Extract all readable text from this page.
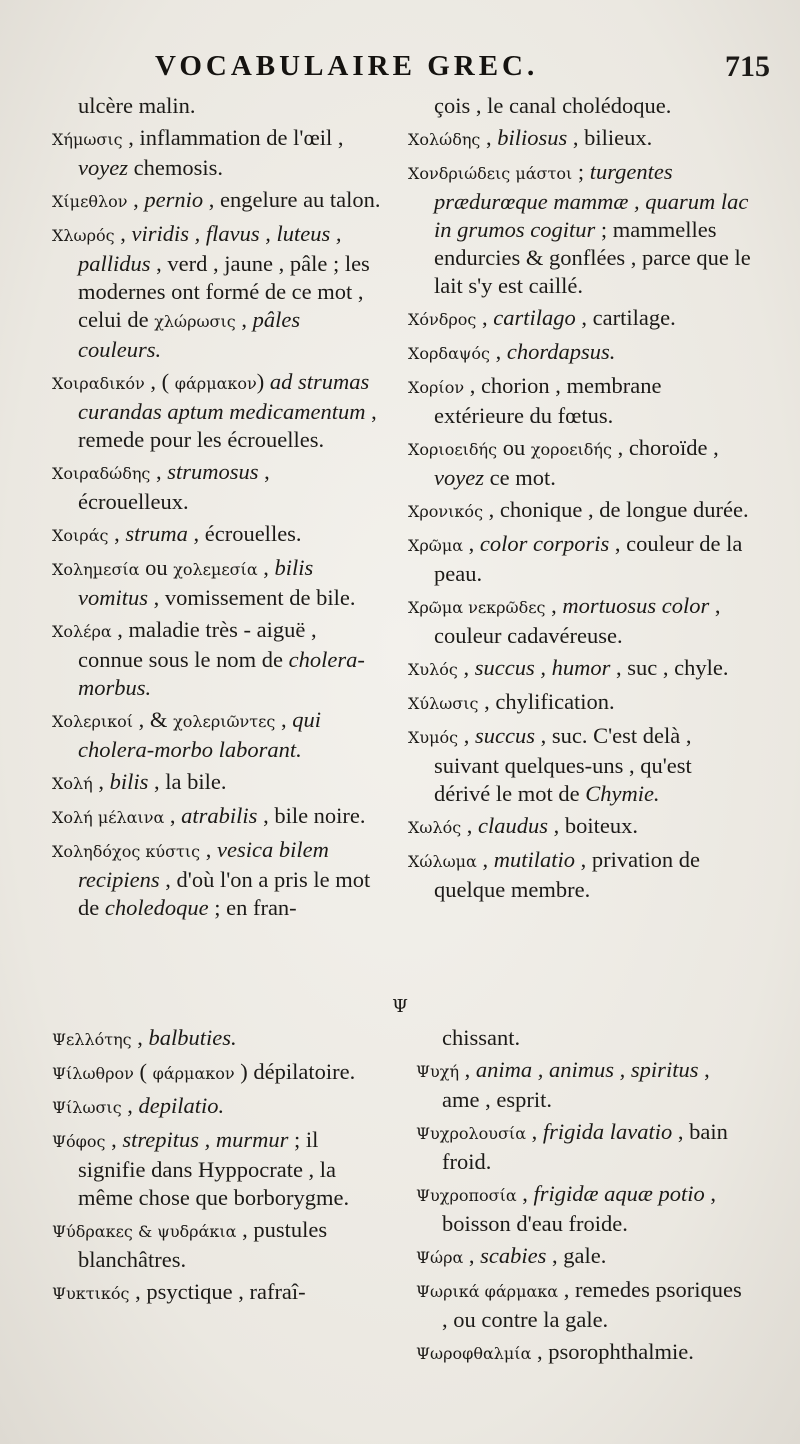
VOCABULAIRE GREC.	715

ulcère malin.

Χήμωσις , inflammation de l'œil , voyez chemosis.

Χίμεθλον , pernio , engelure au talon.

Χλωρός , viridis , flavus , luteus , pallidus , verd , jaune , pâle ; les modernes ont formé de ce mot , celui de χλώρωσις , pâles couleurs.

Χοιραδικόν , ( φάρμακον) ad strumas curandas aptum medicamentum , remede pour les écrouelles.

Χοιραδώδης , strumosus , écrouelleux.

Χοιράς , struma , écrouelles.

Χοληµεσία ou χολεµεσία , bilis vomitus , vomissement de bile.

Χολέρα , maladie très - aiguë , connue sous le nom de cholera-morbus.

Χολερικοί , & χολεριῶντες , qui cholera-morbo laborant.

Χολή , bilis , la bile.

Χολή μέλαινα , atrabilis , bile noire.

Χοληδόχος κύστις , vesica bilem recipiens , d'où l'on a pris le mot de choledoque ; en fran-

çois , le canal cholédoque.

Χολώδης , biliosus , bilieux.

Χονδριώδεις μάστοι ; turgentes prædurœque mammæ , quarum lac in grumos cogitur ; mammelles endurcies & gonflées , parce que le lait s'y est caillé.

Χόνδρος , cartilago , cartilage.

Χορδαψός , chordapsus.

Χορίον , chorion , membrane extérieure du fœtus.

Χοριοειδής ou χοροειδής , choroïde , voyez ce mot.

Χρονικός , chonique , de longue durée.

Χρῶμα , color corporis , couleur de la peau.

Χρῶμα νεκρῶδες , mortuosus color , couleur cadavéreuse.

Χυλός , succus , humor , suc , chyle.

Χύλωσις , chylification.

Χυμός , succus , suc. C'est delà , suivant quelques-uns , qu'est dérivé le mot de Chymie.

Χωλός , claudus , boiteux.

Χώλωμα , mutilatio , privation de quelque membre.

Ψ

Ψελλότης , balbuties.

Ψίλωθρον ( φάρμακον ) dépilatoire.

Ψίλωσις , depilatio.

Ψόφος , strepitus , murmur ; il signifie dans Hyppocrate , la même chose que borborygme.

Ψύδρακες & ψυδράκια , pustules blanchâtres.

Ψυκτικός , psyctique , rafraî-

chissant.

Ψυχή , anima , animus , spiritus , ame , esprit.

Ψυχρολουσία , frigida lavatio , bain froid.

Ψυχροποσία , frigidæ aquæ potio , boisson d'eau froide.

Ψώρα , scabies , gale.

Ψωρικά φάρμακα , remedes psoriques , ou contre la gale.

Ψωροφθαλμία , psorophthalmie.
